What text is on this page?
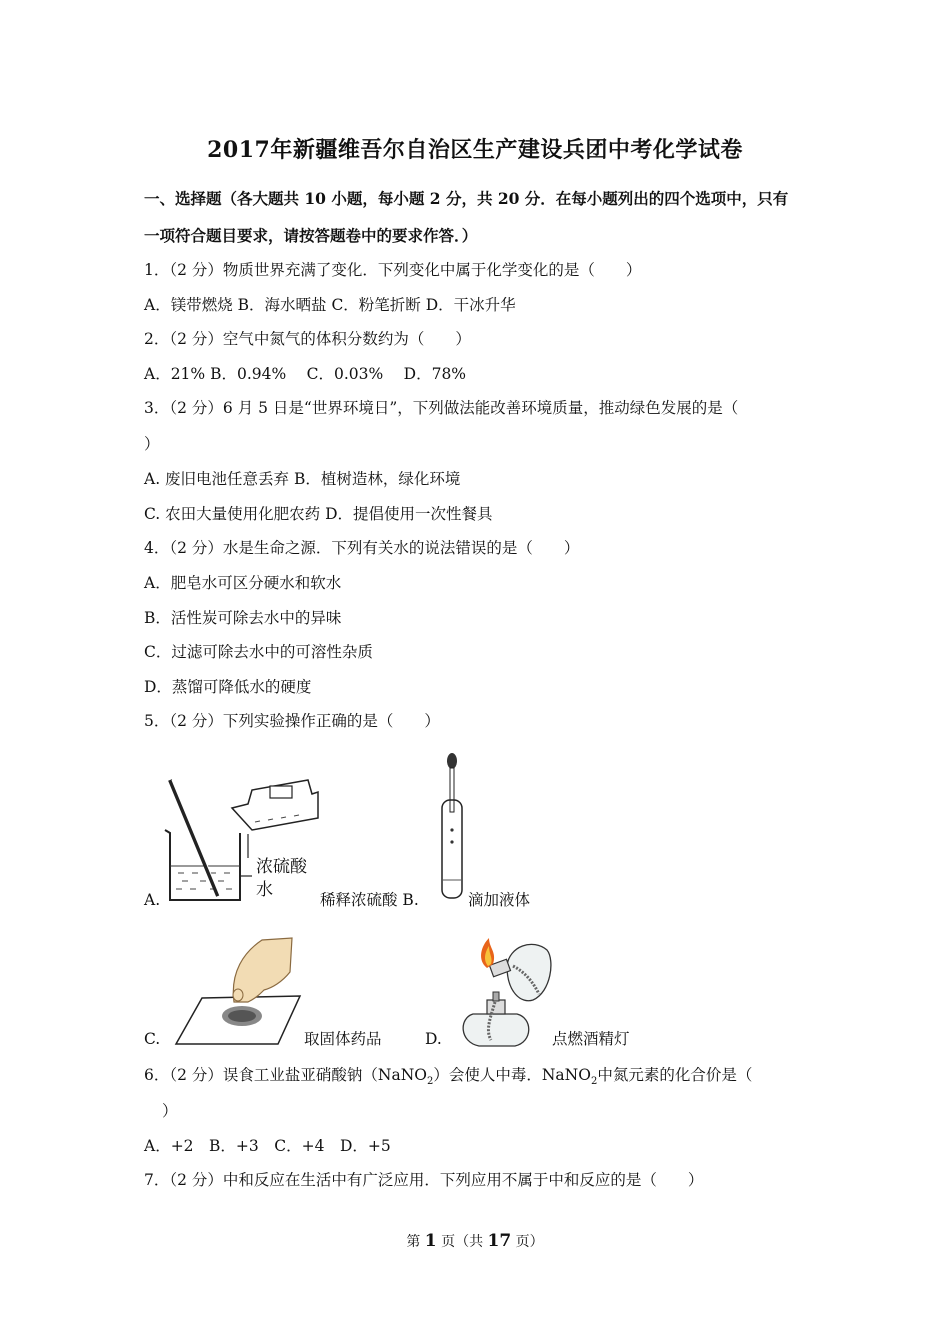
2017年新疆维吾尔自治区生产建设兵团中考化学试卷
一、选择题（各大题共 10 小题，每小题 2 分，共 20 分．在每小题列出的四个选项中，只有
一项符合题目要求，请按答题卷中的要求作答．）
1．（2 分）物质世界充满了变化．下列变化中属于化学变化的是（　　）
A．镁带燃烧 B．海水晒盐 C．粉笔折断 D．干冰升华
2．（2 分）空气中氮气的体积分数约为（　　）
A．21% B．0.94%　 C．0.03%　 D．78%
3．（2 分）6 月 5 日是“世界环境日”，下列做法能改善环境质量，推动绿色发展的是（
）
A. 废旧电池任意丢弃 B．植树造林，绿化环境
C. 农田大量使用化肥农药 D．提倡使用一次性餐具
4．（2 分）水是生命之源．下列有关水的说法错误的是（　　）
A．肥皂水可区分硬水和软水
B．活性炭可除去水中的异味
C．过滤可除去水中的可溶性杂质
D．蒸馏可降低水的硬度
5．（2 分）下列实验操作正确的是（　　）
浓硫酸
水
A.	稀释浓硫酸 B.	滴加液体
C.	取固体药品	D.	点燃酒精灯
6．（2 分）误食工业盐亚硝酸钠（NaNO$_2$）会使人中毒．NaNO$_2$中氮元素的化合价是（
）
A．+2　B．+3　C．+4　D．+5
7．（2 分）中和反应在生活中有广泛应用．下列应用不属于中和反应的是（　　）
第 1 页（共 17 页）
